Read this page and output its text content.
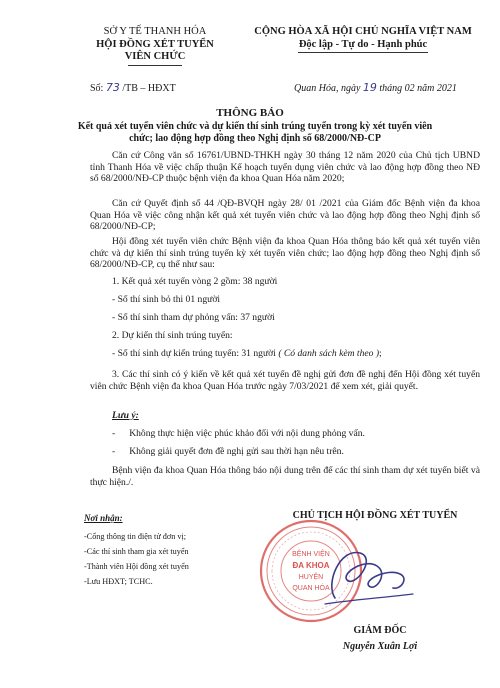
SỞ Y TẾ THANH HÓA
HỘI ĐỒNG XÉT TUYỂN
VIÊN CHỨC
CỘNG HÒA XÃ HỘI CHỦ NGHĨA VIỆT NAM
Độc lập - Tự do - Hạnh phúc
Số: 73 /TB – HĐXT	Quan Hóa, ngày 19 tháng 02 năm 2021
THÔNG BÁO
Kết quả xét tuyển viên chức và dự kiến thí sinh trúng tuyển trong kỳ xét tuyển viên chức; lao động hợp đồng theo Nghị định số 68/2000/NĐ-CP

Căn cứ Công văn số 16761/UBND-THKH ngày 30 tháng 12 năm 2020 của Chủ tịch UBND tỉnh Thanh Hóa về việc chấp thuận Kế hoạch tuyển dụng viên chức và lao động hợp đồng theo NĐ số 68/2000/NĐ-CP thuộc bệnh viện đa khoa Quan Hóa năm 2020;

Căn cứ Quyết định số 44 /QĐ-BVQH ngày 28/ 01 /2021 của Giám đốc Bệnh viện đa khoa Quan Hóa về việc công nhận kết quả xét tuyển viên chức và lao động hợp đồng theo Nghị định số 68/2000/NĐ-CP;

Hội đồng xét tuyển viên chức Bệnh viện đa khoa Quan Hóa thông báo kết quả xét tuyển viên chức và dự kiến thí sinh trúng tuyển kỳ xét tuyển viên chức; lao động hợp đồng theo Nghị định số 68/2000/NĐ-CP, cụ thể như sau:

1. Kết quả xét tuyển vòng 2 gồm: 38 người
- Số thí sinh bỏ thi 01 người
- Số thí sinh tham dự phỏng vấn: 37 người
2. Dự kiến thí sinh trúng tuyển:
- Số thí sinh dự kiến trúng tuyển: 31 người ( Có danh sách kèm theo );

3. Các thí sinh có ý kiến về kết quả xét tuyển đề nghị gửi đơn đề nghị đến Hội đồng xét tuyển viên chức Bệnh viện đa khoa Quan Hóa trước ngày 7/03/2021 để xem xét, giải quyết.

Lưu ý:
- Không thực hiện việc phúc khảo đối với nội dung phỏng vấn.
- Không giải quyết đơn đề nghị gửi sau thời hạn nêu trên.

Bệnh viện đa khoa Quan Hóa thông báo nội dung trên để các thí sinh tham dự xét tuyển biết và thực hiện./.

Nơi nhận:
-Cổng thông tin điện tử đơn vị;
-Các thí sinh tham gia xét tuyển
-Thành viên Hội đồng xét tuyển
-Lưu HĐXT; TCHC.
CHỦ TỊCH HỘI ĐỒNG XÉT TUYỂN
BỆNH VIỆN
ĐA KHOA
HUYỆN
QUAN HÓA
GIÁM ĐỐC
Nguyễn Xuân Lợi
